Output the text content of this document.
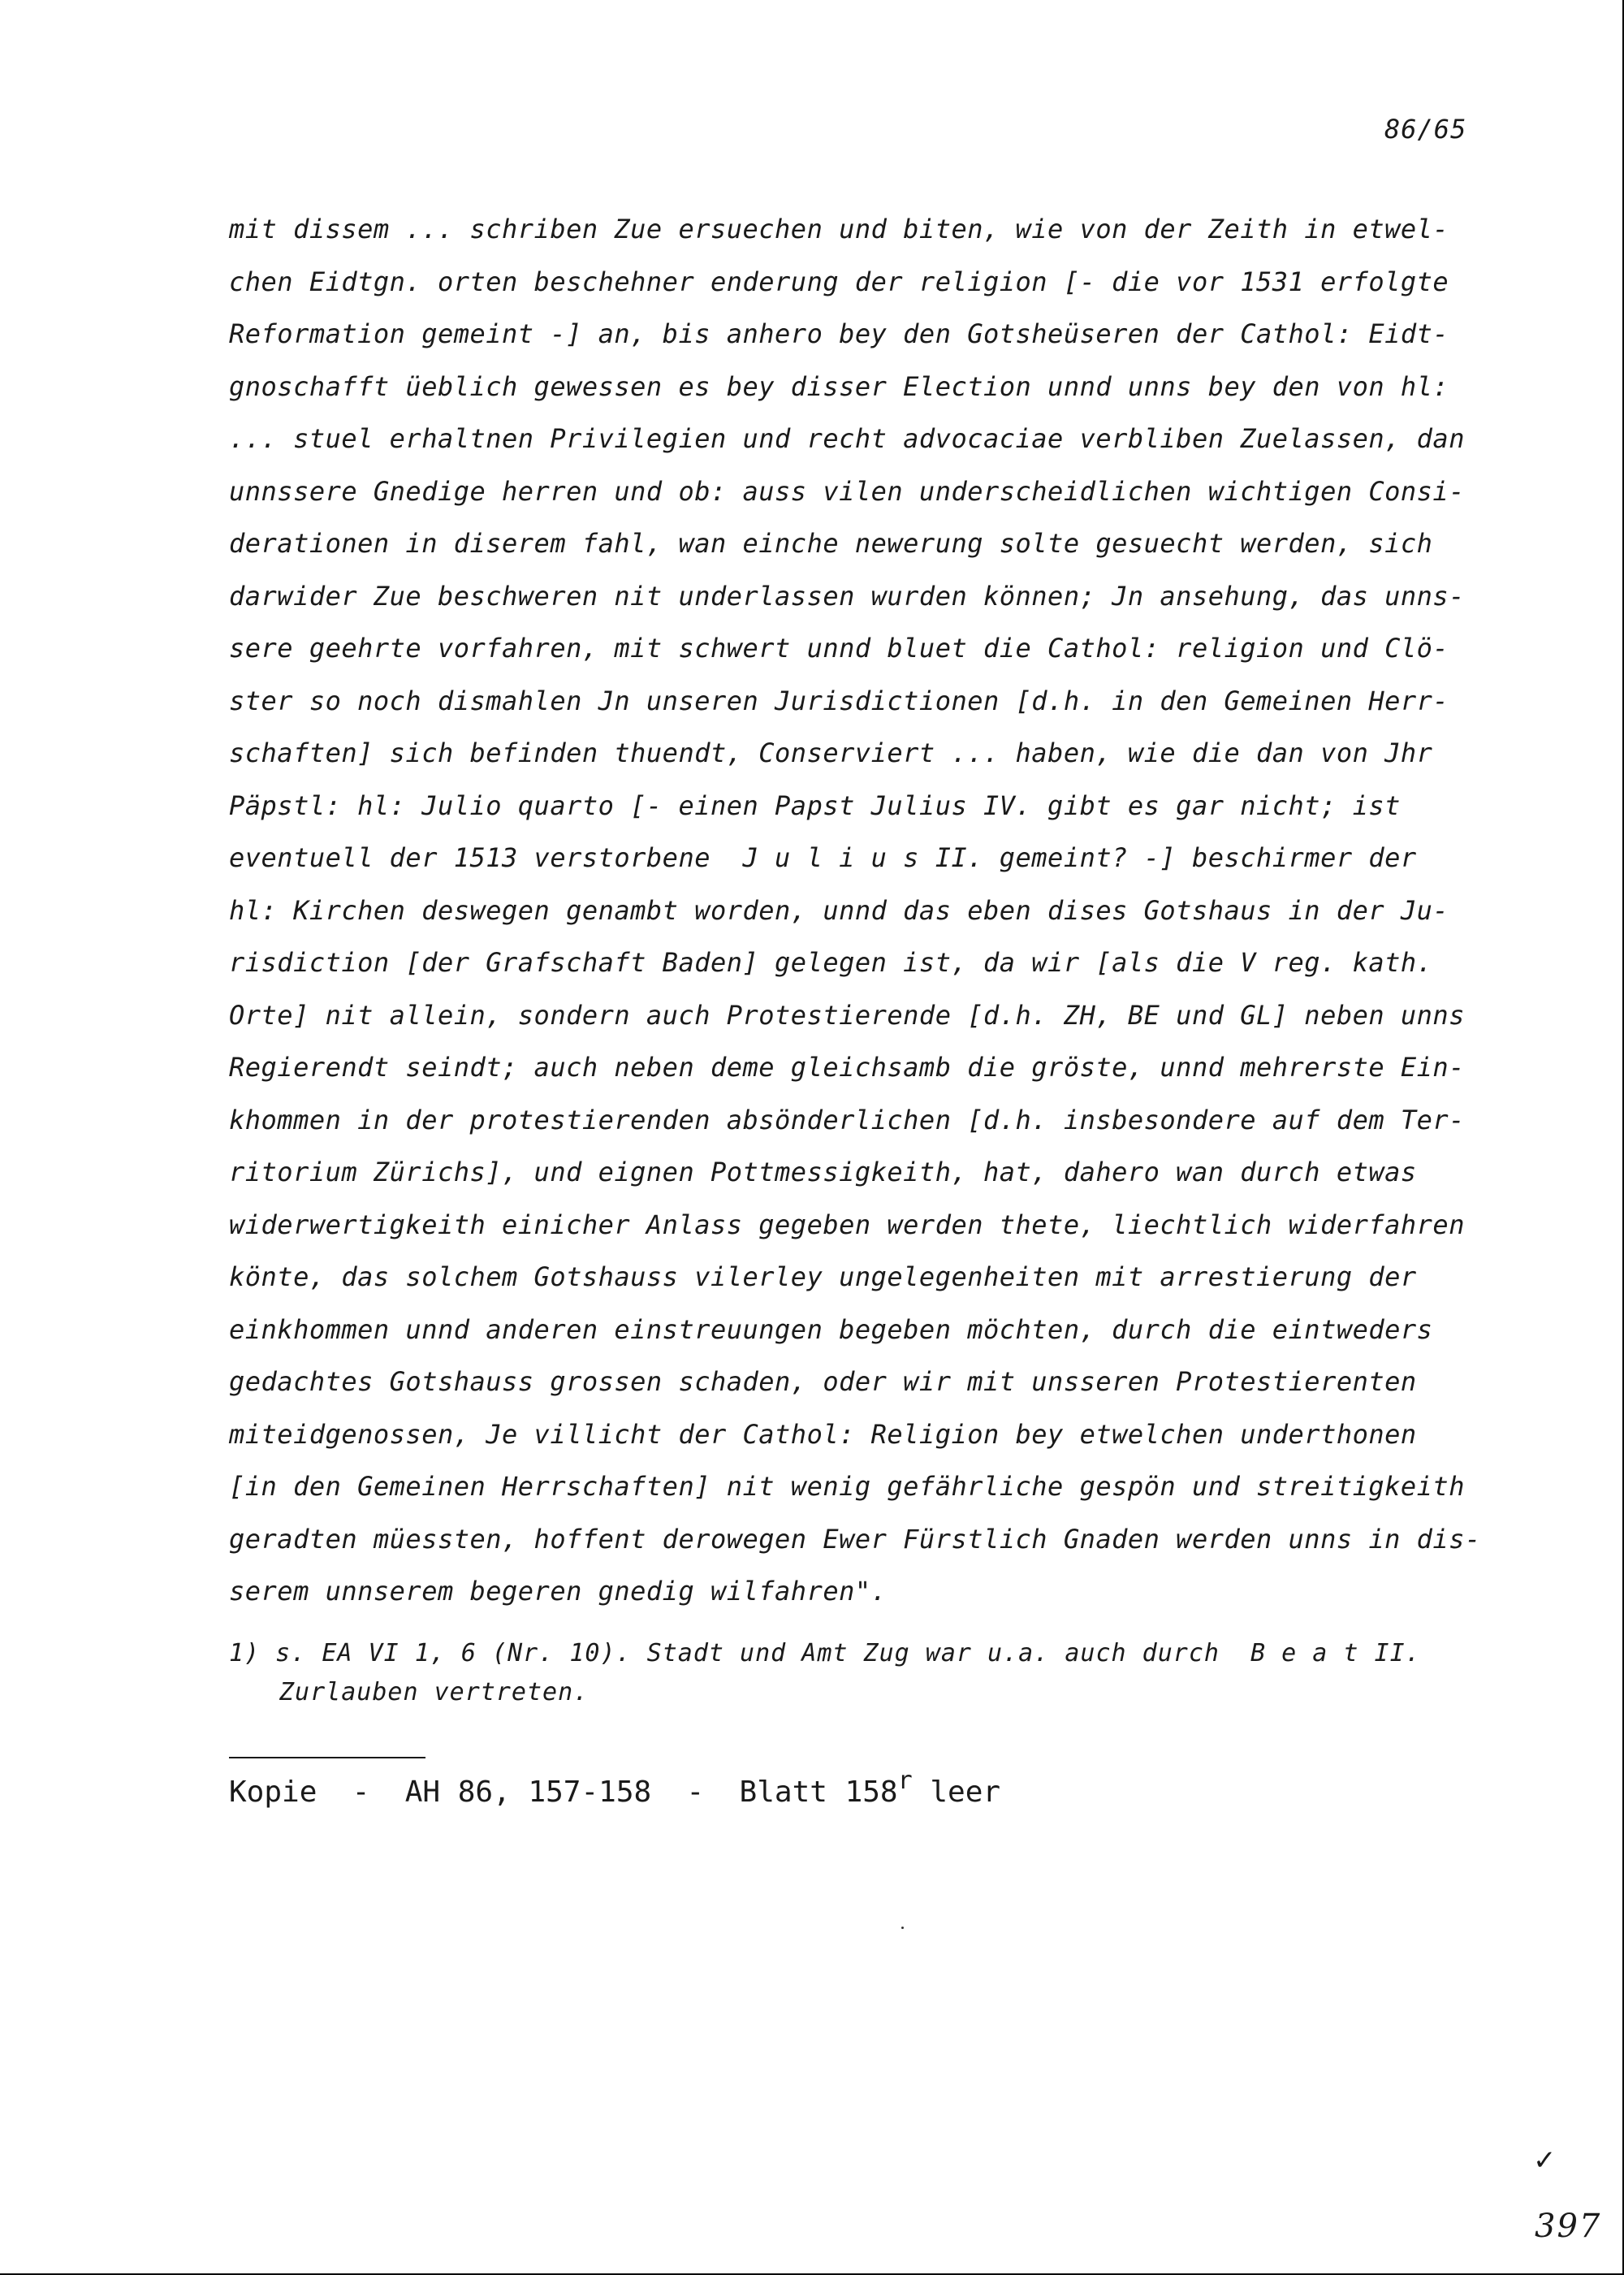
86/65
mit dissem ... schriben Zue ersuechen und biten, wie von der Zeith in etwel-
chen Eidtgn. orten beschehner enderung der religion [- die vor 1531 erfolgte
Reformation gemeint -] an, bis anhero bey den Gotsheüseren der Cathol: Eidt-
gnoschafft üeblich gewessen es bey disser Election unnd unns bey den von hl:
... stuel erhaltnen Privilegien und recht advocaciae verbliben Zuelassen, dan
unnssere Gnedige herren und ob: auss vilen underscheidlichen wichtigen Consi-
derationen in diserem fahl, wan einche newerung solte gesuecht werden, sich
darwider Zue beschweren nit underlassen wurden können; Jn ansehung, das unns-
sere geehrte vorfahren, mit schwert unnd bluet die Cathol: religion und Clö-
ster so noch dismahlen Jn unseren Jurisdictionen [d.h. in den Gemeinen Herr-
schaften] sich befinden thuendt, Conserviert ... haben, wie die dan von Jhr
Päpstl: hl: Julio quarto [- einen Papst Julius IV. gibt es gar nicht; ist
eventuell der 1513 verstorbene  J u l i u s II. gemeint? -] beschirmer der
hl: Kirchen deswegen genambt worden, unnd das eben dises Gotshaus in der Ju-
risdiction [der Grafschaft Baden] gelegen ist, da wir [als die V reg. kath.
Orte] nit allein, sondern auch Protestierende [d.h. ZH, BE und GL] neben unns
Regierendt seindt; auch neben deme gleichsamb die gröste, unnd mehrerste Ein-
khommen in der protestierenden absönderlichen [d.h. insbesondere auf dem Ter-
ritorium Zürichs], und eignen Pottmessigkeith, hat, dahero wan durch etwas
widerwertigkeith einicher Anlass gegeben werden thete, liechtlich widerfahren
könte, das solchem Gotshauss vilerley ungelegenheiten mit arrestierung der
einkhommen unnd anderen einstreuungen begeben möchten, durch die eintweders
gedachtes Gotshauss grossen schaden, oder wir mit unsseren Protestierenten
miteidgenossen, Je villicht der Cathol: Religion bey etwelchen underthonen
[in den Gemeinen Herrschaften] nit wenig gefährliche gespön und streitigkeith
geradten müessten, hoffent derowegen Ewer Fürstlich Gnaden werden unns in dis-
serem unnserem begeren gnedig wilfahren".
1) s. EA VI 1, 6 (Nr. 10). Stadt und Amt Zug war u.a. auch durch  B e a t II.
Zurlauben vertreten.
Kopie  -  AH 86, 157-158  -  Blatt 158$^r$ leer
✓
397
